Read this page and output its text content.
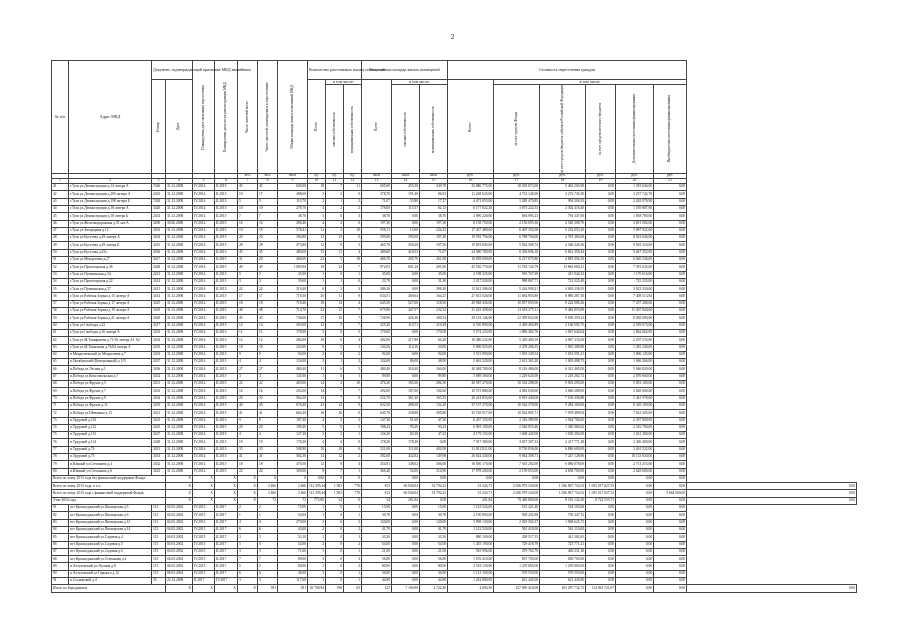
2
№ п/п	Адрес МКД	Документ, подтверждающий признание МКД аварийным		Планируемая дата окончания переселения	Планируемая дата сноса/реконструкции МКД	Число жителей всего	Число жителей, планируемых к переселению	Общая площадь жилых помещений МКД	Количество расселяемых жилых помещений			Расселяемая площадь жилых помещений			Стоимость переселения граждан						

		Номер	Дата						Всего	в том числе:		Всего	в том числе:		Всего:	в том числе:					

										частная собственность	муниципальная собственность		частная собственность	муниципальная собственность		за счет средств Фонда	за счет средств бюджета субъекта Российской Федерации	за счет средств местного бюджета	Дополнительные источники финансирования	Внебюджетные источники финансирования	

						чел.	чел.	кв.м	ед.	ед.	ед.	кв.м	кв.м	кв.м	руб.	руб.	руб.	руб.	руб.	руб.	
1	2	3	4	5	6	7	8	9	10	11	12	13	14	15	16	17	18	19	20	21	
41	г.Тула ул.Демонстрации д.14 литера А	7426	31.12.2008	IV.2014	II.2015	45	45	605,00	18	7	11	605,00	255,30	349,70	25 886 775,00	18 503 873,00	5 463 265,90	0,00	1 919 636,00	0,00	
42	г.Тула ул.Демонстрации д.20б литера А	2425	31.12.2008	IV.2014	II.2015	10	17	488,60	3	3	0	278,70	191,40	86,92	11 248 625,00	4 714 146,00	3 276 736,30	0,00	3 257 742,70	0,00	
43	г.Тула ул.Демонстрации д.198 литера Б	7428	31.12.2008	IV.2014	II.2015	5	5	110,70	3	1	2	71,07	53,80	17,27	4 471 655,00	1 285 470,85	994 204,93	0,00	2 263 978,90	0,00	
44	г.Тула ул.Демонстрации д.18 литера А	3420	31.12.2008	IV.2014	II.2015	10	10	278,70	4	2	2	178,00	115,57	62,13	6 177 822,20	3 875 222,53	2 302 416,40	0,00	1 559 887,90	0,00	
45	г.Тула ул.Демонстрации д.18 литера Б	2433	31.12.2008	IV.2014	II.2015	7	7	38,70	3	0	3	38,70	0,00	38,70	3 090 220,00	694 093,23	794 347,00	0,00	1 838 780,00	0,00	
46	г.Тула ул.Железнодорожная д.35 лит.А	3200	30.06.2008	IV.2014	II.2015	16	16	280,40	4	4	0	197,30	0,00	197,30	8 158 750,00	2 156 693,30	2 548 308,70	0,00	3 851 002,00	0,00	
47	г.Тула ул.Загородная д.12	3433	31.12.2008	IV.2014	II.2015	10	19	578,41	12	2	10	558,11	14,00	224,43	17 437 489,00	6 407 352,00	5 232 053,10	0,00	5 897 922,00	0,00	
48	г.Тула ул.Кутузова д.28 литера А	3434	31.12.2008	IV.2014	II.2015	20	20	394,80	13	13	0	595,00	395,00	187,40	19 593 756,00	6 788 756,00	4 781 384,00	0,00	8 023 626,00	0,00	
49	г.Тула ул.Кутузова д.28 литера Б	3415	31.12.2008	IV.2014	II.2015	28	28	475,80	12	9	3	465,70	358,20	107,50	19 853 845,00	5 924 308,74	4 366 226,36	0,00	9 563 310,00	0,00	
50	г.Тула ул.Кутузова д.25а	3436	31.12.2008	IV.2014	II.2015	45	45	489,60	15	11	4	489,60	418,53	71,07	24 580 780,00	8 394 096,10	6 841 358,44	0,00	9 647 352,00	0,00	
51	г.Тула ул.Менделеева д.27	3417	31.12.2008	IV.2014	II.2015	31	20	466,00	22	3	18	466,70	205,70	261,00	16 839 690,00	6 217 075,80	4 883 356,10	0,00	6 020 336,00	0,00	
52	г.Тула ул.Пролетарская д.36	3428	31.12.2008	IV.2014	II.2015	49	49	1 083,90	19	12	7	972,03	691,20	281,00	45 536 770,00	11 782 134,79	13 863 000,21	0,00	7 391 635,00	0,00	
53	г.Тула ул.Пушкинская д.34	2413	31.12.2008	IV.2014	II.2015	5	5	45,00	1	0	1	45,00	0,00	45,00	2 198 325,00	593 767,69	413 944,52	0,00	1 170 616,00	0,00	
54	г.Тула ул.Пролетарская д.22	3414	31.12.2008	IV.2014	II.2015	3	3	59,60	1	1	0	23,70	0,00	31,30	2 017 020,00	998 867,71	721 325,49	0,00	725 335,00	0,00	
55	г.Тула ул.Пушкинская д.37	3411	31.12.2008	IV.2014	II.2015	22	22	319,40	6	3	3	286,30	0,00	286,30	13 021 396,00	5 244 909,21	4 063 236,93	0,00	3 923 230,00	0,00	
56	г.Тула ул.Рабочая Зорька д.15 литера А	3414	31.12.2008	IV.2014	II.2015	17	17	718,30	20	11	9	634,51	469,64	164,27	27 615 026,00	11 684 903,89	8 880 287,30	0,00	7 408 513,84	0,00	
57	г.Тула ул.Рабочая Зорька д.17 литера А	3425	31.12.2008	IV.2014	II.2015	18	18	718,40	18	14	4	645,50	527,00	118,50	20 948 436,00	10 857 855,00	8 224 086,26	0,00	7 257 288,00	0,00	
58	г.Тула ул.Рабочая Зорька д.19 литера А	3419	31.12.2008	IV.2014	II.2015	48	48	714,70	22	15	7	679,90	447,57	232,32	31 245 458,00	13 653 375,11	9 482 855,89	0,00	11 367 820,00	0,00	
59	г.Тула ул.Рабочая Зорька д.21 литера А	3420	31.12.2008	IV.2014	II.2015	45	45	736,00	17	10	7	726,90	426,36	300,54	29 143 146,00	12 399 822,00	9 038 259,23	0,00	8 039 000,00	0,00	
60	г.Тула ул.Свободы д.22	3417	31.12.2008	IV.2014	II.2015	14	14	363,00	12	5	7	325,20	114,71	210,49	6 530 890,00	2 469 465,89	2 166 505,75	0,00	2 559 673,00	0,00	
61	г.Тула ул.Свободы д.16 литера А	3433	31.12.2008	IV.2014	II.2015	11	11	178,00	5	0	5	170,00	0,00	170,00	5 574 333,00	1 886 402,76	1 067 644,64	0,00	1 862 662,00	0,00	
62	г.Тула ул.М.Тимирязева д.71/16 литера А1 А2	3434	31.12.2008	IV.2014	II.2015	12	12	282,00	10	6	4	282,00	217,80	64,20	16 486 232,00	5 429 400,10	4 967 235,00	0,00	2 207 533,00	0,00	
63	г.Тула ул.М.Тимьзьева д.74/64 литера А	3435	31.12.2008	IV.2014	II.2015	18	18	243,60	6	5	1	144,56	114,16	20,00	5 906 925,00	2 478 296,35	1 963 388,80	0,00	1 455 240,00	0,00	
64	п.Менделеевский ул.Менделеева д.7	3433	31.12.2008	IV.2014	II.2015	9	9	94,00	2	0	2	94,00	0,00	94,00	3 515 090,00	1 055 349,54	1 053 591,41	0,00	1 006 145,00	0,00	
65	п.Октябрьский (Центральный) д.115	3437	31.12.2008	IV.2014	II.2015	4	4	134,00	3	1	2	124,00	86,00	48,00	5 663 220,00	2 613 365,20	1 003 488,75	0,00	1 066 366,00	0,00	
66	п.Победа ул.Лесная д.5	3436	31.12.2008	IV.2014	II.2015	27	27	480,40	11	6	5	480,40	318,40	164,00	20 484 780,00	8 216 486,00	6 321 465,00	0,00	5 946 829,00	0,00	
67	п.Победа ул.Комсомольская д.7	3432	31.12.2008	IV.2014	II.2015	3	3	145,00	1	0	1	89,80	0,00	89,80	3 689 360,00	1 229 625,00	1 218 202,72	0,00	2 070 660,00	0,00	
68	п.Победа ул.Фрунзе д.5	3431	31.12.2008	IV.2014	II.2015	22	22	465,00	14	4	10	476,20	165,30	286,50	20 587 270,00	10 334 288,00	9 003 295,00	0,00	5 853 100,00	0,00	
69	п.Победа ул.Фрунзе д.7	3433	31.12.2008	IV.2014	II.2015	16	16	292,00	14	7	7	292,00	187,00	104,60	10 575 880,00	4 082 030,00	3 066 288,00	0,00	3 826 000,00	0,00	
70	п.Победа ул.Фрунзе д.9	3434	31.12.2008	IV.2014	II.2015	20	20	564,20	15	7	8	524,70	361,30	163,35	20 224 853,00	8 819 440,00	7 166 356,88	0,00	5 441 979,00	0,00	
71	п.Победа ул.Фрунзе д.11	3435	31.12.2008	IV.2014	II.2015	40	40	678,40	23	14	9	632,50	498,30	134,20	27 137 270,00	10 544 370,00	9 284 160,00	0,00	8 326 109,00	0,00	
72	п.Победа ул.Шевченко д.13	3421	31.12.2008	IV.2014	II.2015	41	41	664,20	16	16	0	645,70	338,88	305,80	25 726 917,00	10 924 805,71	7 078 489,04	0,00	7 623 505,00	0,00	
73	п.Трудовой д.110	3423	31.12.2008	IV.2014	II.2015	9	9	187,40	4	2	2	147,30	91,60	47,50	6 207 335,00	2 316 389,90	1 564 706,65	0,00	2 307 800,00	0,00	
74	п.Трудовой д.112	3425	31.12.2008	IV.2014	II.2015	20	20	190,40	5	0	5	188,43	95,20	93,23	6 963 100,00	2 546 853,46	1 340 384,62	0,00	2 316 700,00	0,00	
75	п.Трудовой д.113	3427	31.12.2008	IV.2014	II.2015	4	4	127,30	3	2	1	126,30	82,30	47,43	4 179 153,00	1 608 445,00	1 038 394,00	0,00	1 631 300,00	0,00	
76	п.Трудовой д.114	3428	31.12.2008	IV.2014	II.2015	19	19	178,20	4	4	0	178,20	178,20	0,00	7 917 380,00	3 037 307,33	2 417 771,38	0,00	2 450 400,00	0,00	
77	п.Трудовой д.74	3431	31.12.2008	IV.2014	II.2015	33	33	508,90	10	10	0	521,00	111,00	402,00	31 812 811,00	8 730 056,00	6 886 600,00	0,00	3 261 522,00	0,00	
78	п.Трудовой д.75	3433	31.12.2008	IV.2014	II.2015	41	41	582,30	14	12	2	582,00	432,02	149,98	26 624 430,00	9 944 308,71	7 247 128,96	0,00	10 133 920,00	0,00	
79	п.Южный ул.Степанова д.4	3432	31.12.2008	IV.2014	II.2015	18	18	470,50	12	8	4	454,81	148,02	306,00	16 650 170,00	7 563 292,00	6 080 078,00	0,00	2 713 215,00	0,00	
80	п.Южный ул.Степанова д.6	3423	31.12.2008	IV.2014	II.2015	22	22	369,00	8	7	1	366,40	52,00	314,90	17 878 200,00	2 159 053,00	4 658 700,00	0,00	2 628 600,00	0,00	
Всего по этапу 2013 года без финансовой поддержки Фонда:			X	X	X	X	0	0	0,00	0	0	0	0,00	0,00	0,00	0,00	0,00	0,00	0,00	0,00	
Всего по этапу 2013 года, в т.ч.:			X	X	X	X	3 466	3 466	112 395,44	1 503	770	813	66 940,04	33 792,23	33 443,71	2 036 979 320,00	1 036 967 752,02	1 055 017 027,53	0,00	0,00	0,00
Всего по этапу 2013 года с финансовой поддержкой Фонда:			X	X	X	X	3 466	3 466	112 395,44	1 503	770	813	66 940,04	33 792,23	33 443,71	2 036 979 320,00	1 036 967 752,02	1 055 017 027,53	0,00	5 664 000,00	0,00
Этап 2014 года			X	X	X	X	72	72	772,80	34	0	34	201,84	0,00	201,84	79 400 800,00	8 516 142,40	8 722 553,73	0,00	0,00	0,00
81	пгт Краснодонский ул.Пионерская д.5	113	04.03.2002	IV.2015	II.2017	2	2	75,00	1	0	1	15,60	0,00	15,60	1 123 524,00	531 421,40	534 103,60	0,00	0,00	0,00	
82	пгт Краснодонский ул.Пионерская д.6	113	04.03.2002	IV.2015	II.2017	1	1	54,00	1	0	1	30,70	0,00	30,70	2 100 800,00	928 432,88	756 347,12	0,00	0,00	0,00	
83	пгт Краснодонский ул.Пионерская д.13	113	04.03.2002	IV.2015	II.2017	4	4	279,00	3	0	3	120,00	0,00	120,00	3 998 130,00	2 029 504,37	1 968 625,73	0,00	0,00	0,00	
84	пгт Краснодонский ул.Пионерская д.14	113	04.03.2002	IV.2015	II.2017	6	6	43,00	2	0	2	41,70	0,00	41,70	1 142 520,00	581 410,00	561 110,00	0,00	0,00	0,00	
85	пгт Краснодонский ул.Садовая д.4	113	04.03.2002	IV.2015	II.2017	3	3	53,10	1	0	1	33,30	0,00	33,30	880 100,00	438 517,35	441 582,65	0,00	0,00	0,00	
86	пгт Краснодонский ул.Садовая д.5	115	04.03.2002	IV.2015	II.2017	5	5	54,00	2	0	2	54,00	0,00	54,00	1 455 190,00	729 418,79	725 771,21	0,00	0,00	0,00	
87	пгт Краснодонский ул.Садовая д.6	115	04.03.2002	IV.2015	II.2017	3	3	71,00	1	0	1	21,00	0,00	21,00	945 996,00	479 764,70	466 231,30	0,00	0,00	0,00	
88	пгт Краснодонский ул.Степанова д.4	115	04.03.2002	IV.2015	II.2017	7	7	89,00	3	0	3	56,00	0,00	56,00	1 676 410,00	837 705,00	838 705,00	0,00	0,00	0,00	
89	п.Алтуховский ул.Луговая д.8	115	06.03.2002	IV.2015	II.2017	5	5	80,00	2	0	2	80,00	0,00	80,00	2 518 130,00	1 259 065,00	1 259 065,00	0,00	0,00	0,00	
90	п.Алтуховский ул.Горького д.12	115	06.03.2002	IV.2015	II.2017	6	6	36,00	1	0	1	36,00	0,00	36,00	1 141 100,00	570 550,00	570 550,00	0,00	0,00	0,00	
91	п.Сосновский д.4	35	22.12.2008	II.2017	IV.2017	3	3	117,60	1	0	1	44,80	0,00	44,80	1 242 890,00	621 445,00	621 445,00	0,00	0,00	0,00	
Итого по Бородинское			X	X	X	X	391	391	10 700,94	198	65	127	7 160,90	2 722,40	2 694,56	257 890 410,00	103 297 732,73	114 063 721,07	0,00	0,00	0,00
